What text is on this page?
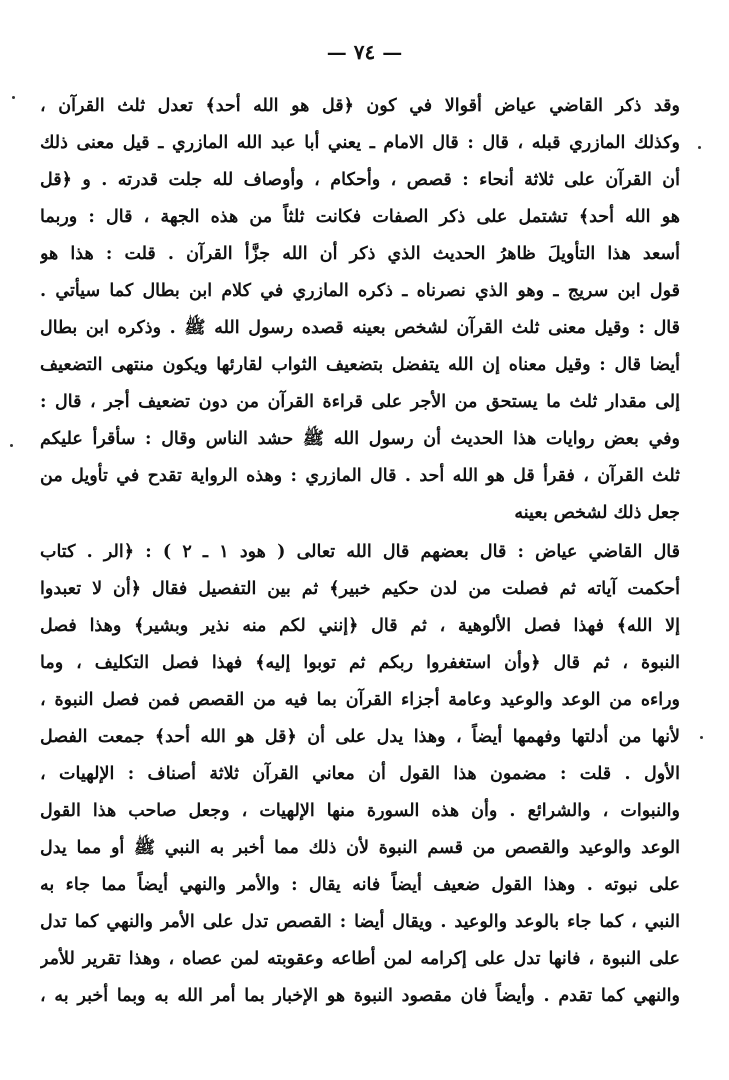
— ٧٤ —
وقد ذكر القاضي عياض أقوالا في كون ﴿قل هو الله أحد﴾ تعدل ثلث القرآن ،
وكذلك المازري قبله ، قال : قال الامام ـ يعني أبا عبد الله المازري ـ قيل معنى ذلك
أن القرآن على ثلاثة أنحاء : قصص ، وأحكام ، وأوصاف لله جلت قدرته . و ﴿قل
هو الله أحد﴾ تشتمل على ذكر الصفات فكانت ثلثاً من هذه الجهة ، قال : وربما
أسعد هذا التأويلَ ظاهرُ الحديث الذي ذكر أن الله جزَّأ القرآن . قلت : هذا هو
قول ابن سريج ـ وهو الذي نصرناه ـ ذكره المازري في كلام ابن بطال كما سيأتي .
قال : وقيل معنى ثلث القرآن لشخص بعينه قصده رسول الله ﷺ . وذكره ابن بطال
أيضا قال : وقيل معناه إن الله يتفضل بتضعيف الثواب لقارئها ويكون منتهى التضعيف
إلى مقدار ثلث ما يستحق من الأجر على قراءة القرآن من دون تضعيف أجر ، قال :
وفي بعض روايات هذا الحديث أن رسول الله ﷺ حشد الناس وقال : سأقرأ عليكم
ثلث القرآن ، فقرأ قل هو الله أحد . قال المازري : وهذه الرواية تقدح في تأويل من
جعل ذلك لشخص بعينه
قال القاضي عياض : قال بعضهم قال الله تعالى ( هود ١ ـ ٢ ) : ﴿الر . كتاب
أحكمت آياته ثم فصلت من لدن حكيم خبير﴾ ثم بين التفصيل فقال ﴿أن لا تعبدوا
إلا الله﴾ فهذا فصل الألوهية ، ثم قال ﴿إنني لكم منه نذير وبشير﴾ وهذا فصل
النبوة ، ثم قال ﴿وأن استغفروا ربكم ثم توبوا إليه﴾ فهذا فصل التكليف ، وما
وراءه من الوعد والوعيد وعامة أجزاء القرآن بما فيه من القصص فمن فصل النبوة ،
لأنها من أدلتها وفهمها أيضاً ، وهذا يدل على أن ﴿قل هو الله أحد﴾ جمعت الفصل
الأول . قلت : مضمون هذا القول أن معاني القرآن ثلاثة أصناف : الإلهيات ،
والنبوات ، والشرائع . وأن هذه السورة منها الإلهيات ، وجعل صاحب هذا القول
الوعد والوعيد والقصص من قسم النبوة لأن ذلك مما أخبر به النبي ﷺ أو مما يدل
على نبوته . وهذا القول ضعيف أيضاً فانه يقال : والأمر والنهي أيضاً مما جاء به
النبي ، كما جاء بالوعد والوعيد . ويقال أيضا : القصص تدل على الأمر والنهي كما تدل
على النبوة ، فانها تدل على إكرامه لمن أطاعه وعقوبته لمن عصاه ، وهذا تقرير للأمر
والنهي كما تقدم . وأيضاً فان مقصود النبوة هو الإخبار بما أمر الله به وبما أخبر به ،
